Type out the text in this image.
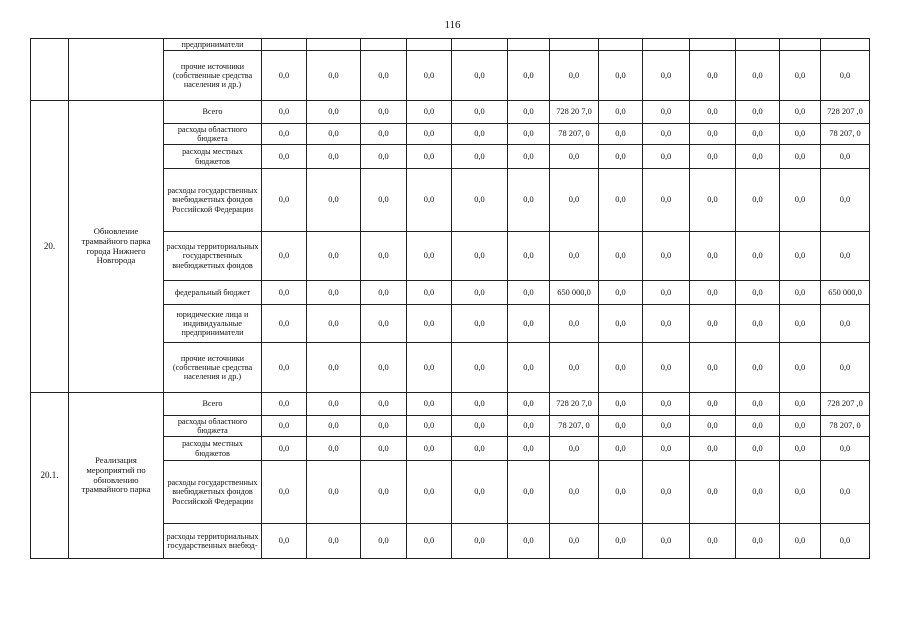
116
		предприниматели													
		прочие источники (собственные средства населения и др.)	0,0	0,0	0,0	0,0	0,0	0,0	0,0	0,0	0,0	0,0	0,0	0,0	0,0
20.	Обновление трамвайного парка города Нижнего Новгорода	Всего	0,0	0,0	0,0	0,0	0,0	0,0	728 20 7,0	0,0	0,0	0,0	0,0	0,0	728 207 ,0
		расходы областного бюджета	0,0	0,0	0,0	0,0	0,0	0,0	78 207, 0	0,0	0,0	0,0	0,0	0,0	78 207, 0
		расходы местных бюджетов	0,0	0,0	0,0	0,0	0,0	0,0	0,0	0,0	0,0	0,0	0,0	0,0	0,0
		расходы государственных внебюджетных фондов Российской Федерации	0,0	0,0	0,0	0,0	0,0	0,0	0,0	0,0	0,0	0,0	0,0	0,0	0,0
		расходы территориальных государственных внебюджетных фондов	0,0	0,0	0,0	0,0	0,0	0,0	0,0	0,0	0,0	0,0	0,0	0,0	0,0
		федеральный бюджет	0,0	0,0	0,0	0,0	0,0	0,0	650 000,0	0,0	0,0	0,0	0,0	0,0	650 000,0
		юридические лица и индивидуальные предприниматели	0,0	0,0	0,0	0,0	0,0	0,0	0,0	0,0	0,0	0,0	0,0	0,0	0,0
		прочие источники (собственные средства населения и др.)	0,0	0,0	0,0	0,0	0,0	0,0	0,0	0,0	0,0	0,0	0,0	0,0	0,0
20.1.	Реализация мероприятий по обновлению трамвайного парка	Всего	0,0	0,0	0,0	0,0	0,0	0,0	728 20 7,0	0,0	0,0	0,0	0,0	0,0	728 207 ,0
		расходы областного бюджета	0,0	0,0	0,0	0,0	0,0	0,0	78 207, 0	0,0	0,0	0,0	0,0	0,0	78 207, 0
		расходы местных бюджетов	0,0	0,0	0,0	0,0	0,0	0,0	0,0	0,0	0,0	0,0	0,0	0,0	0,0
		расходы государственных внебюджетных фондов Российской Федерации	0,0	0,0	0,0	0,0	0,0	0,0	0,0	0,0	0,0	0,0	0,0	0,0	0,0
		расходы территориальных государственных внебюд-	0,0	0,0	0,0	0,0	0,0	0,0	0,0	0,0	0,0	0,0	0,0	0,0	0,0
